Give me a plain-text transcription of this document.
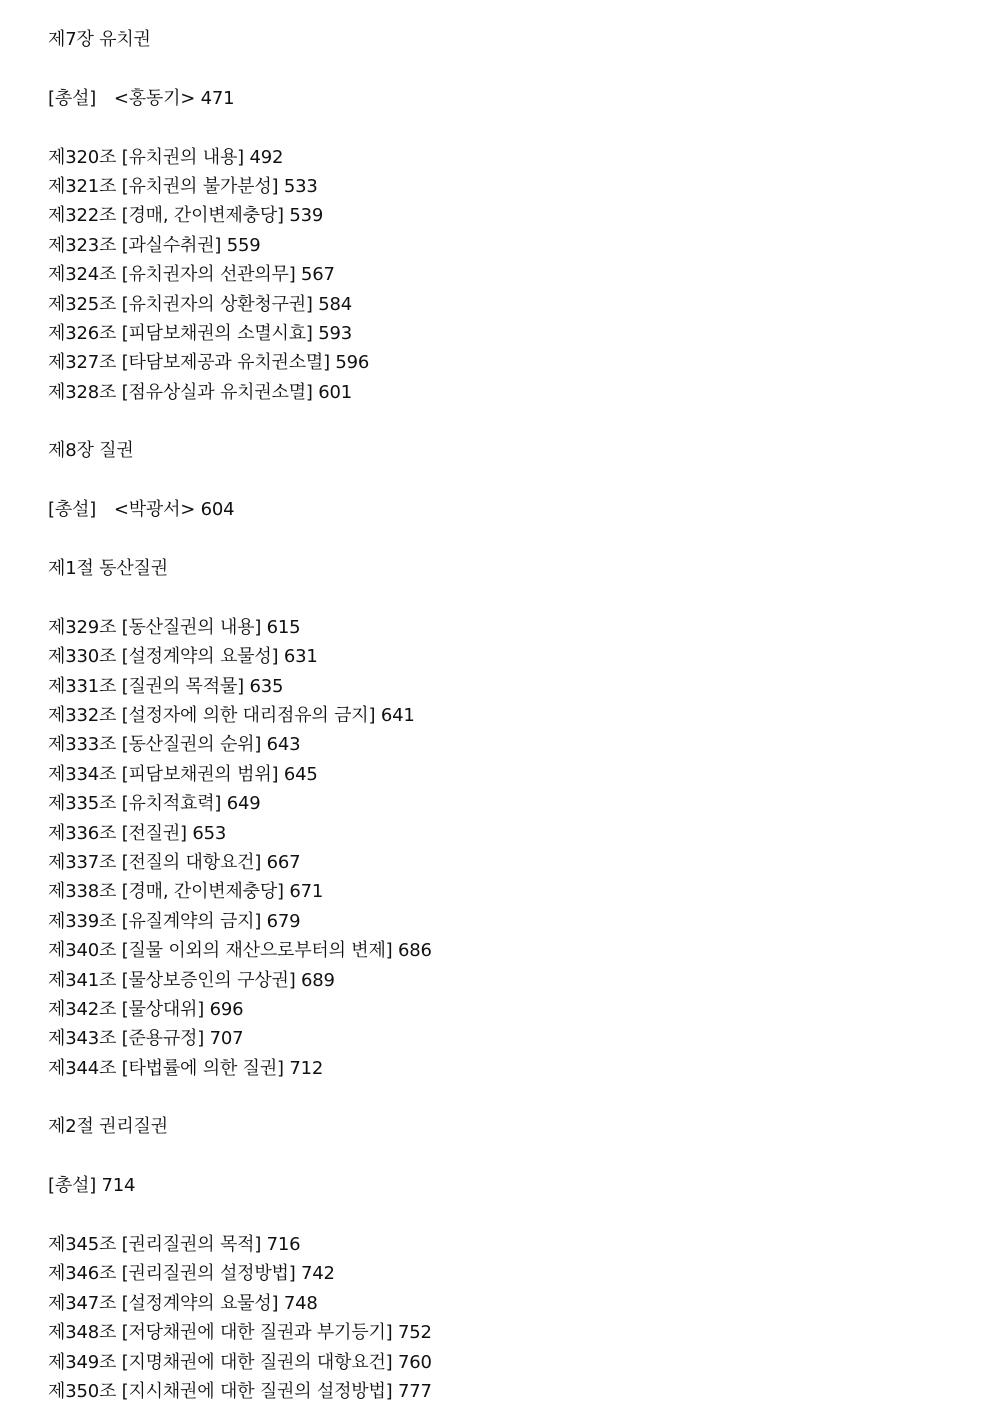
제7장 유치권
[총설]　<홍동기> 471
제320조 [유치권의 내용] 492
제321조 [유치권의 불가분성] 533
제322조 [경매, 간이변제충당] 539
제323조 [과실수취권] 559
제324조 [유치권자의 선관의무] 567
제325조 [유치권자의 상환청구권] 584
제326조 [피담보채권의 소멸시효] 593
제327조 [타담보제공과 유치권소멸] 596
제328조 [점유상실과 유치권소멸] 601
제8장 질권
[총설]　<박광서> 604
제1절 동산질권
제329조 [동산질권의 내용] 615
제330조 [설정계약의 요물성] 631
제331조 [질권의 목적물] 635
제332조 [설정자에 의한 대리점유의 금지] 641
제333조 [동산질권의 순위] 643
제334조 [피담보채권의 범위] 645
제335조 [유치적효력] 649
제336조 [전질권] 653
제337조 [전질의 대항요건] 667
제338조 [경매, 간이변제충당] 671
제339조 [유질계약의 금지] 679
제340조 [질물 이외의 재산으로부터의 변제] 686
제341조 [물상보증인의 구상권] 689
제342조 [물상대위] 696
제343조 [준용규정] 707
제344조 [타법률에 의한 질권] 712
제2절 권리질권
[총설] 714
제345조 [권리질권의 목적] 716
제346조 [권리질권의 설정방법] 742
제347조 [설정계약의 요물성] 748
제348조 [저당채권에 대한 질권과 부기등기] 752
제349조 [지명채권에 대한 질권의 대항요건] 760
제350조 [지시채권에 대한 질권의 설정방법] 777
